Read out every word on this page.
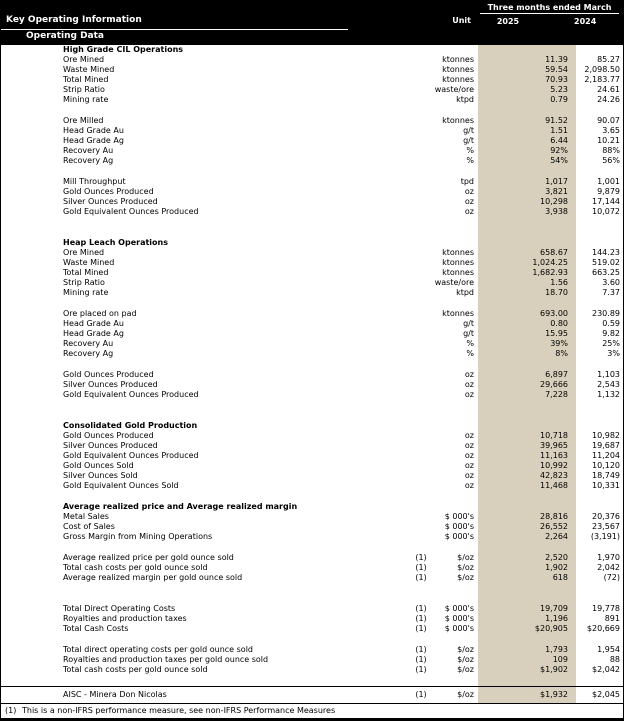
Three months ended March
Key Operating Information	Unit	2025	2024
Operating Data
High Grade CIL Operations
Ore Mined	ktonnes	11.39	85.27
Waste Mined	ktonnes	59.54	2,098.50
Total Mined	ktonnes	70.93	2,183.77
Strip Ratio	waste/ore	5.23	24.61
Mining rate	ktpd	0.79	24.26
Ore Milled	ktonnes	91.52	90.07
Head Grade Au	g/t	1.51	3.65
Head Grade Ag	g/t	6.44	10.21
Recovery Au	%	92%	88%
Recovery Ag	%	54%	56%
Mill Throughput	tpd	1,017	1,001
Gold Ounces Produced	oz	3,821	9,879
Silver Ounces Produced	oz	10,298	17,144
Gold Equivalent Ounces Produced	oz	3,938	10,072
Heap Leach Operations
Ore Mined	ktonnes	658.67	144.23
Waste Mined	ktonnes	1,024.25	519.02
Total Mined	ktonnes	1,682.93	663.25
Strip Ratio	waste/ore	1.56	3.60
Mining rate	ktpd	18.70	7.37
Ore placed on pad	ktonnes	693.00	230.89
Head Grade Au	g/t	0.80	0.59
Head Grade Ag	g/t	15.95	9.82
Recovery Au	%	39%	25%
Recovery Ag	%	8%	3%
Gold Ounces Produced	oz	6,897	1,103
Silver Ounces Produced	oz	29,666	2,543
Gold Equivalent Ounces Produced	oz	7,228	1,132
Consolidated Gold Production
Gold Ounces Produced	oz	10,718	10,982
Silver Ounces Produced	oz	39,965	19,687
Gold Equivalent Ounces Produced	oz	11,163	11,204
Gold Ounces Sold	oz	10,992	10,120
Silver Ounces Sold	oz	42,823	18,749
Gold Equivalent Ounces Sold	oz	11,468	10,331
Average realized price and Average realized margin
Metal Sales	$ 000's	28,816	20,376
Cost of Sales	$ 000's	26,552	23,567
Gross Margin from Mining Operations	$ 000's	2,264	(3,191)
Average realized price per gold ounce sold	(1)	$/oz	2,520	1,970
Total cash costs per gold ounce sold	(1)	$/oz	1,902	2,042
Average realized margin per gold ounce sold	(1)	$/oz	618	(72)
Total Direct Operating Costs	(1)	$ 000's	19,709	19,778
Royalties and production taxes	(1)	$ 000's	1,196	891
Total Cash Costs	(1)	$ 000's	$20,905	$20,669
Total direct operating costs per gold ounce sold	(1)	$/oz	1,793	1,954
Royalties and production taxes per gold ounce sold	(1)	$/oz	109	88
Total cash costs per gold ounce sold	(1)	$/oz	$1,902	$2,042
AISC - Minera Don Nicolas	(1)	$/oz	$1,932	$2,045
(1) This is a non-IFRS performance measure, see non-IFRS Performance Measures
